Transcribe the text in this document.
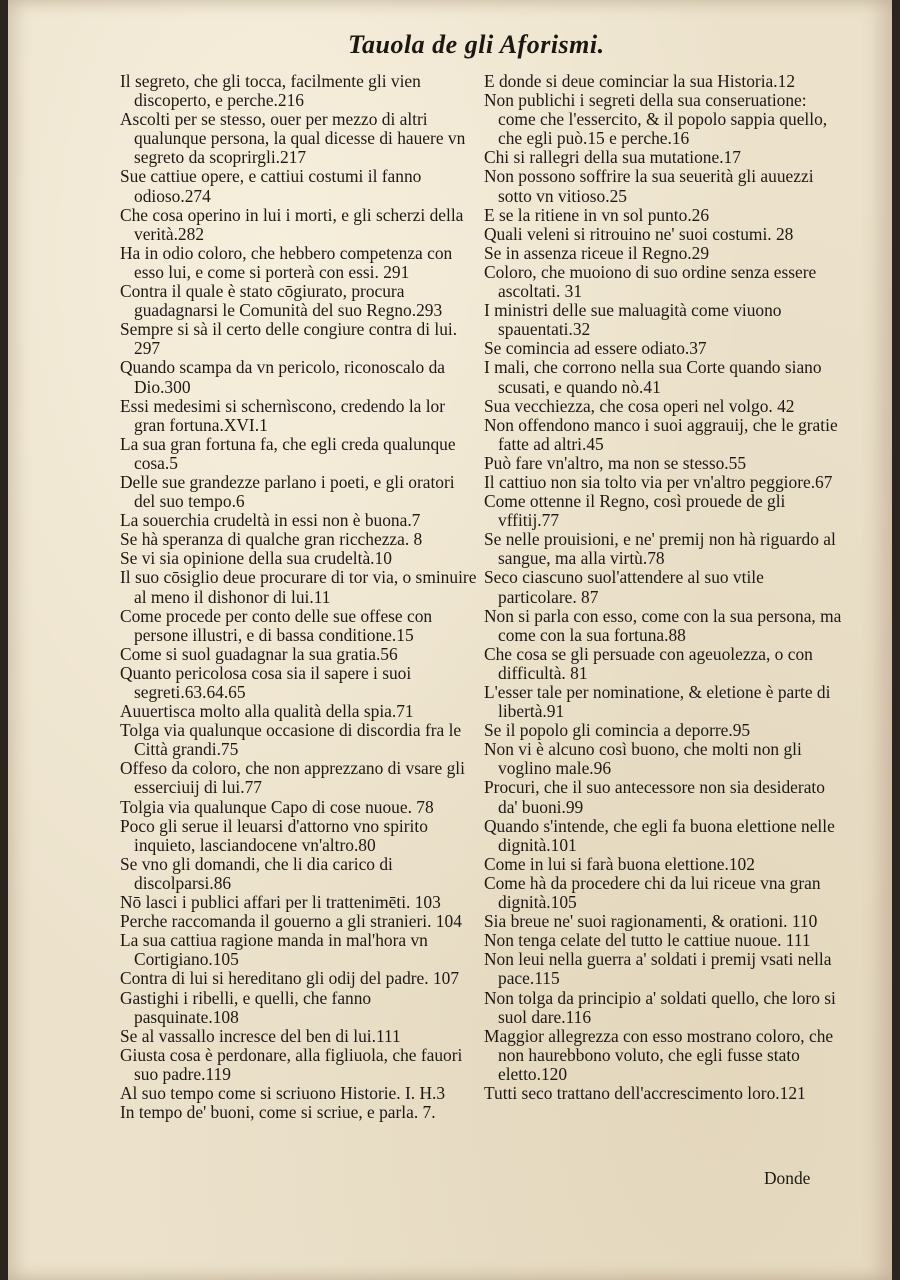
Tauola de gli Aforismi.

Il segreto, che gli tocca, facilmente gli vien discoperto, e perche.216

Ascolti per se stesso, ouer per mezzo di altri qualunque persona, la qual dicesse di hauere vn segreto da scoprirgli.217

Sue cattiue opere, e cattiui costumi il fanno odioso.274

Che cosa operino in lui i morti, e gli scherzi della verità.282

Ha in odio coloro, che hebbero competenza con esso lui, e come si porterà con essi. 291

Contra il quale è stato cōgiurato, procura guadagnarsi le Comunità del suo Regno.293

Sempre si sà il certo delle congiure contra di lui. 297

Quando scampa da vn pericolo, riconoscalo da Dio.300

Essi medesimi si schernìscono, credendo la lor gran fortuna.XVI.1

La sua gran fortuna fa, che egli creda qualunque cosa.5

Delle sue grandezze parlano i poeti, e gli oratori del suo tempo.6

La souerchia crudeltà in essi non è buona.7

Se hà speranza di qualche gran ricchezza. 8

Se vi sia opinione della sua crudeltà.10

Il suo cōsiglio deue procurare di tor via, o sminuire al meno il dishonor di lui.11

Come procede per conto delle sue offese con persone illustri, e di bassa conditione.15

Come si suol guadagnar la sua gratia.56

Quanto pericolosa cosa sia il sapere i suoi segreti.63.64.65

Auuertisca molto alla qualità della spia.71

Tolga via qualunque occasione di discordia fra le Città grandi.75

Offeso da coloro, che non apprezzano di vsare gli esserciuij di lui.77

Tolgia via qualunque Capo di cose nuoue. 78

Poco gli serue il leuarsi d'attorno vno spirito inquieto, lasciandocene vn'altro.80

Se vno gli domandi, che li dia carico di discolparsi.86

Nō lasci i publici affari per li trattenimēti. 103

Perche raccomanda il gouerno a gli stranieri. 104

La sua cattiua ragione manda in mal'hora vn Cortigiano.105

Contra di lui si hereditano gli odij del padre. 107

Gastighi i ribelli, e quelli, che fanno pasquinate.108

Se al vassallo increscе del ben di lui.111

Giusta cosa è perdonare, alla figliuola, che fauori suo padre.119

Al suo tempo come si scriuono Historie. I. H.3

In tempo de' buoni, come si scriue, e parla. 7.

E donde si deue cominciar la sua Historia.12

Non publichi i segreti della sua conseruatione: come che l'essercito, & il popolo sappia quello, che egli può.15 e perche.16

Chi si rallegri della sua mutatione.17

Non possono soffrire la sua seuerità gli auuezzi sotto vn vitioso.25

E se la ritiene in vn sol punto.26

Quali veleni si ritrouino ne' suoi costumi. 28

Se in assenza riceue il Regno.29

Coloro, che muoiono di suo ordine senza essere ascoltati. 31

I ministri delle sue maluagità come viuono spauentati.32

Se comincia ad essere odiato.37

I mali, che corrono nella sua Corte quando siano scusati, e quando nò.41

Sua vecchiezza, che cosa operi nel volgo. 42

Non offendono manco i suoi aggrauij, che le gratie fatte ad altri.45

Può fare vn'altro, ma non se stesso.55

Il cattiuo non sia tolto via per vn'altro peggiore.67

Come ottenne il Regno, così prouede de gli vffitij.77

Se nelle prouisioni, e ne' premij non hà riguardo al sangue, ma alla virtù.78

Seco ciascuno suol'attendere al suo vtile particolare. 87

Non si parla con esso, come con la sua persona, ma come con la sua fortuna.88

Che cosa se gli persuade con ageuolezza, o con difficultà. 81

L'esser tale per nominatione, & eletione è parte di libertà.91

Se il popolo gli comincia a deporre.95

Non vi è alcuno così buono, che molti non gli voglino male.96

Procuri, che il suo antecessore non sia desiderato da' buoni.99

Quando s'intende, che egli fa buona elettione nelle dignità.101

Come in lui si farà buona elettione.102

Come hà da procedere chi da lui riceue vna gran dignità.105

Sia breue ne' suoi ragionamenti, & orationi. 110

Non tenga celate del tutto le cattiue nuoue. 111

Non leui nella guerra a' soldati i premij vsati nella pace.115

Non tolga da principio a' soldati quello, che loro si suol dare.116

Maggior allegrezza con esso mostrano coloro, che non haurebbono voluto, che egli fusse stato eletto.120

Tutti seco trattano dell'accrescimento loro.121

Donde
